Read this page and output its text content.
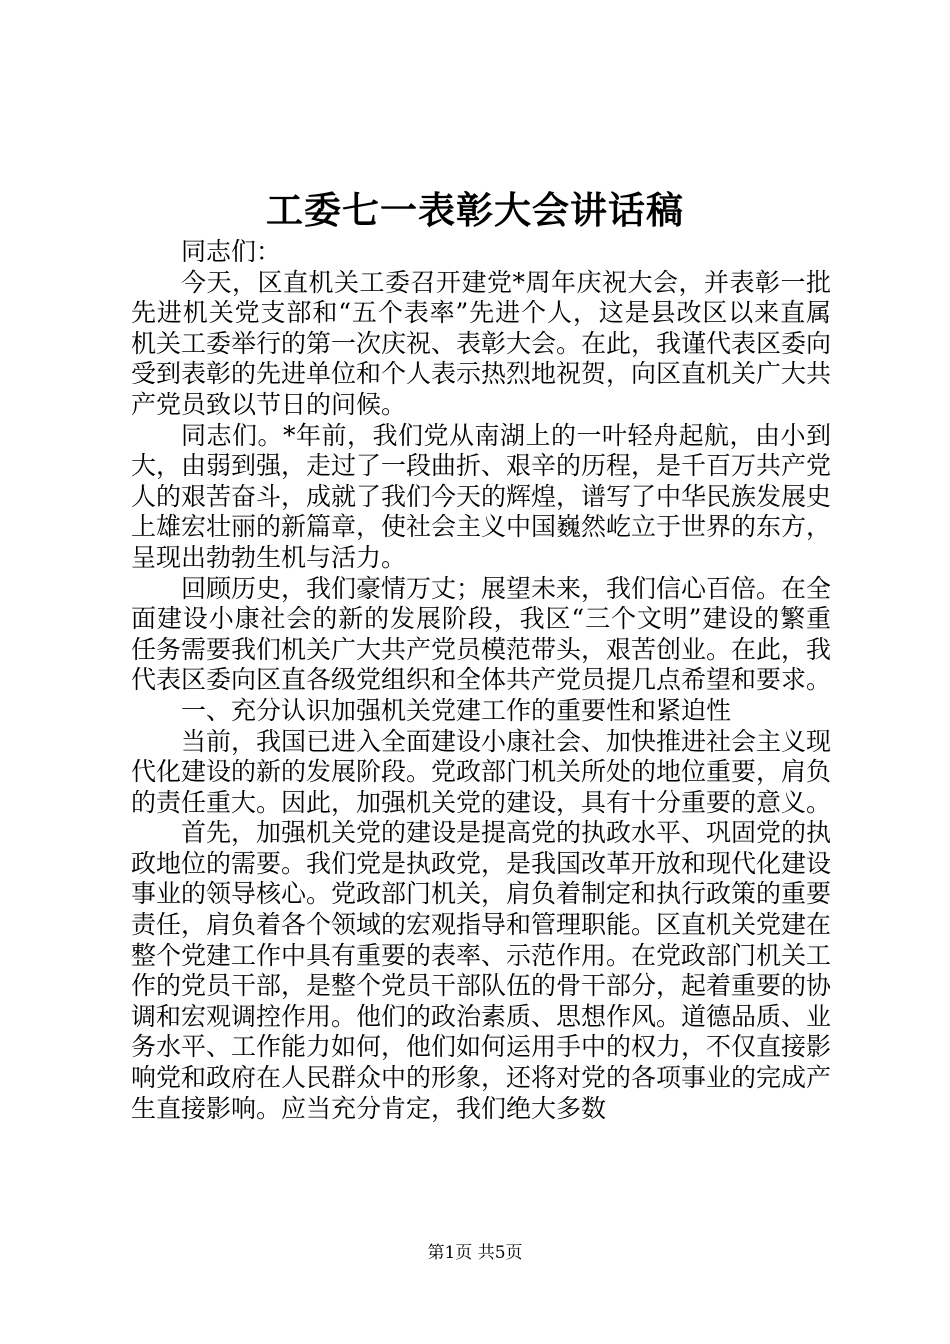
工委七一表彰大会讲话稿

同志们：

今天，区直机关工委召开建党*周年庆祝大会，并表彰一批先进机关党支部和“五个表率”先进个人，这是县改区以来直属机关工委举行的第一次庆祝、表彰大会。在此，我谨代表区委向受到表彰的先进单位和个人表示热烈地祝贺，向区直机关广大共产党员致以节日的问候。

同志们。*年前，我们党从南湖上的一叶轻舟起航，由小到大，由弱到强，走过了一段曲折、艰辛的历程，是千百万共产党人的艰苦奋斗，成就了我们今天的辉煌，谱写了中华民族发展史上雄宏壮丽的新篇章，使社会主义中国巍然屹立于世界的东方，呈现出勃勃生机与活力。

回顾历史，我们豪情万丈；展望未来，我们信心百倍。在全面建设小康社会的新的发展阶段，我区“三个文明”建设的繁重任务需要我们机关广大共产党员模范带头，艰苦创业。在此，我代表区委向区直各级党组织和全体共产党员提几点希望和要求。

一、充分认识加强机关党建工作的重要性和紧迫性

当前，我国已进入全面建设小康社会、加快推进社会主义现代化建设的新的发展阶段。党政部门机关所处的地位重要，肩负的责任重大。因此，加强机关党的建设，具有十分重要的意义。

首先，加强机关党的建设是提高党的执政水平、巩固党的执政地位的需要。我们党是执政党，是我国改革开放和现代化建设事业的领导核心。党政部门机关，肩负着制定和执行政策的重要责任，肩负着各个领域的宏观指导和管理职能。区直机关党建在整个党建工作中具有重要的表率、示范作用。在党政部门机关工作的党员干部，是整个党员干部队伍的骨干部分，起着重要的协调和宏观调控作用。他们的政治素质、思想作风。道德品质、业务水平、工作能力如何，他们如何运用手中的权力，不仅直接影响党和政府在人民群众中的形象，还将对党的各项事业的完成产生直接影响。应当充分肯定，我们绝大多数

第1页 共5页
